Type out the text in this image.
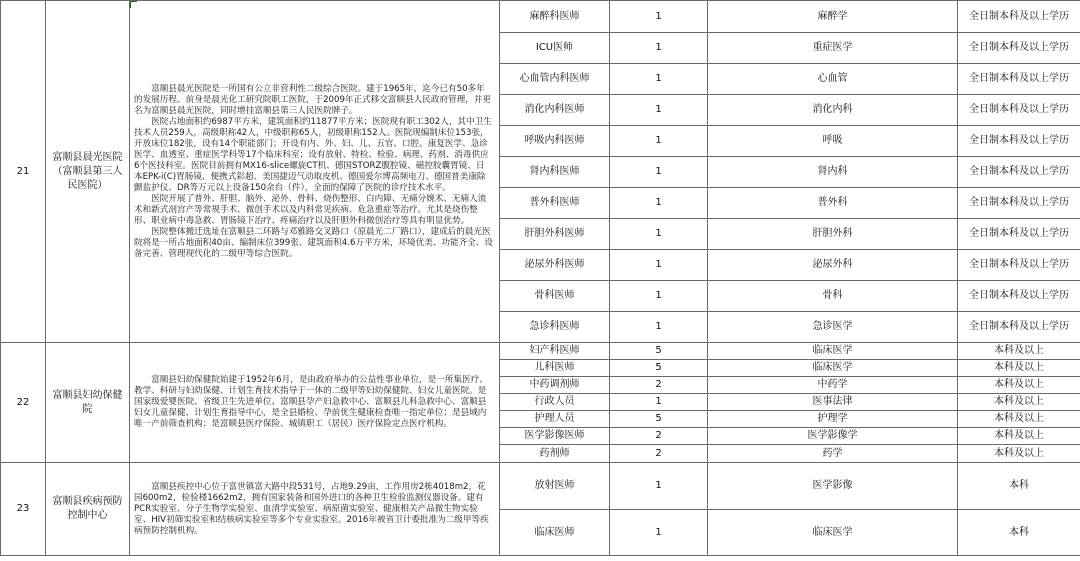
21	富顺县晨光医院（富顺县第三人民医院）	富顺县晨光医院是一所国有公立非营利性二级综合医院。建于1965年，迄今已有50多年的发展历程。前身是晨光化工研究院职工医院，于2009年正式移交富顺县人民政府管理，并更名为富顺县晨光医院，同时增挂富顺县第三人民医院牌子。

医院占地面积约6987平方米，建筑面积约11877平方米；医院现有职工302人，其中卫生技术人员259人，高级职称42人，中级职称65人，初级职称152人。医院现编制床位153张，开放床位182张，设有14个职能部门；开设有内、外、妇、儿、五官、口腔、康复医学、急诊医学、血透室、重症医学科等17个临床科室；设有放射、特检、检验、病理、药剂、消毒供应6个医技科室。医院目前拥有MX16-slice螺旋CT机、德国STORZ腹腔镜、磁控胶囊胃镜、日本EPK-i(C)胃肠镜、便携式彩超、美国捷迈气动取皮机、德国爱尔博高频电刀、德国普美康除颤监护仪、DR等万元以上设备150余台（件），全面的保障了医院的诊疗技术水平。

医院开展了普外、肝胆、脑外、泌外、骨科、烧伤整形、白内障、无痛分娩术、无痛人流术和新式剖宫产等常规手术、微创手术以及内科常见疾病、危急重症等治疗。尤其是烧伤整形、职业病中毒急救、胃肠镜下治疗、疼痛治疗以及肝胆外科微创治疗等具有明显优势。

医院整体搬迁选址在富顺县二环路与邓雅路交叉路口（原晨光二厂路口），建成后的晨光医院将是一所占地面积40亩、编制床位399张、建筑面积4.6万平方米，环境优美、功能齐全、设备完善、管理现代化的二级甲等综合医院。	麻醉科医师	1	麻醉学	全日制本科及以上学历
			ICU医师	1	重症医学	全日制本科及以上学历
			心血管内科医师	1	心血管	全日制本科及以上学历
			消化内科医师	1	消化内科	全日制本科及以上学历
			呼吸内科医师	1	呼吸	全日制本科及以上学历
			肾内科医师	1	肾内科	全日制本科及以上学历
			普外科医师	1	普外科	全日制本科及以上学历
			肝胆外科医师	1	肝胆外科	全日制本科及以上学历
			泌尿外科医师	1	泌尿外科	全日制本科及以上学历
			骨科医师	1	骨科	全日制本科及以上学历
			急诊科医师	1	急诊医学	全日制本科及以上学历
22	富顺县妇幼保健院	富顺县妇幼保健院始建于1952年6月，是由政府举办的公益性事业单位，是一所集医疗、教学、科研与妇幼保健、计划生育技术指导于一体的二级甲等妇幼保健院、妇女儿童医院。是国家级爱婴医院、省级卫生先进单位、富顺县孕产妇急救中心、富顺县儿科急救中心、富顺县妇女儿童保健、计划生育指导中心，是全县婚检、孕前优生健康检查唯一指定单位；是县域内唯一产前筛查机构；是富顺县医疗保险、城镇职工（居民）医疗保险定点医疗机构。	妇产科医师	5	临床医学	本科及以上
			儿科医师	5	临床医学	本科及以上
			中药调剂师	2	中药学	本科及以上
			行政人员	1	医事法律	本科及以上
			护理人员	5	护理学	本科及以上
			医学影像医师	2	医学影像学	本科及以上
			药剂师	2	药学	本科及以上
23	富顺县疾病预防控制中心	富顺县疾控中心位于富世镇富大路中段531号，占地9.29亩，工作用房2栋4018m2，花园600m2，检验楼1662m2，拥有国家装备和国外进口的各种卫生检验监测仪器设备。建有PCR实验室、分子生物学实验室、血清学实验室、病原菌实验室、健康相关产品微生物实验室、HIV初筛实验室和结核病实验室等多个专业实验室。2016年被省卫计委批准为二级甲等疾病预防控制机构。	放射医师	1	医学影像	本科
			临床医师	1	临床医学	本科
